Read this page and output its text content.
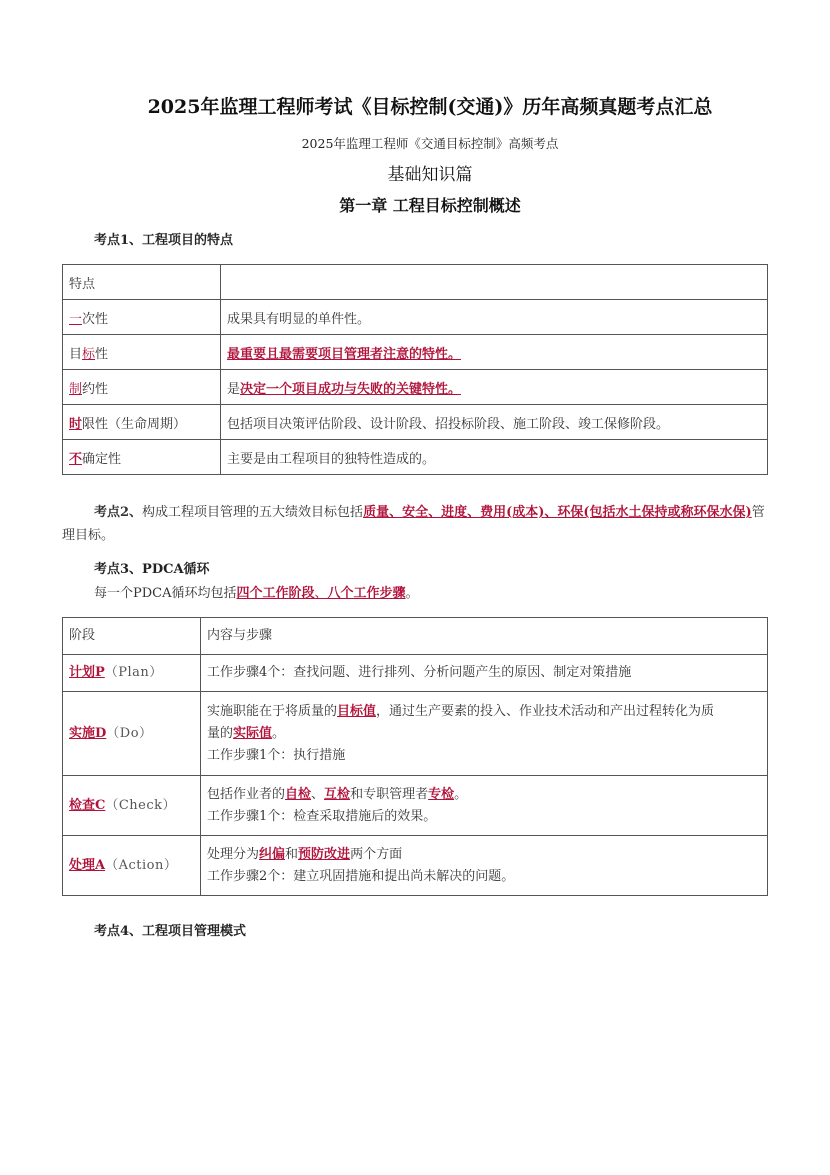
2025年监理工程师考试《目标控制(交通)》历年高频真题考点汇总
2025年监理工程师《交通目标控制》高频考点
基础知识篇
第一章 工程目标控制概述
考点1、工程项目的特点
特点	
一次性	成果具有明显的单件性。
目标性	最重要且最需要项目管理者注意的特性。
制约性	是决定一个项目成功与失败的关键特性。
时限性（生命周期）	包括项目决策评估阶段、设计阶段、招投标阶段、施工阶段、竣工保修阶段。
不确定性	主要是由工程项目的独特性造成的。
考点2、构成工程项目管理的五大绩效目标包括质量、安全、进度、费用(成本)、环保(包括水土保持或称环保水保)管理目标。
考点3、PDCA循环
每一个PDCA循环均包括四个工作阶段、八个工作步骤。
阶段	内容与步骤
计划P（Plan）	工作步骤4个：查找问题、进行排列、分析问题产生的原因、制定对策措施
实施D（Do）	实施职能在于将质量的目标值，通过生产要素的投入、作业技术活动和产出过程转化为质
量的实际值。
工作步骤1个：执行措施

检查C（Check）	包括作业者的自检、互检和专职管理者专检。
工作步骤1个：检查采取措施后的效果。

处理A（Action）	处理分为纠偏和预防改进两个方面
工作步骤2个：建立巩固措施和提出尚未解决的问题。
考点4、工程项目管理模式
